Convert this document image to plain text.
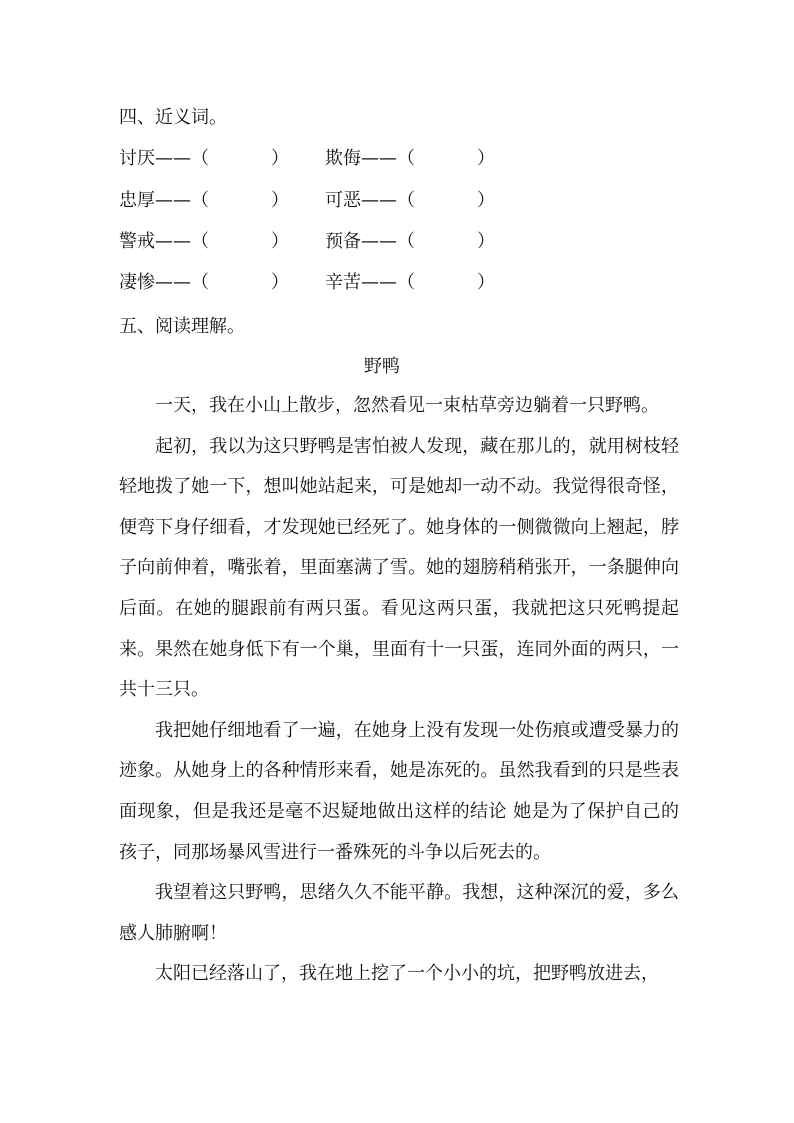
四、近义词。
讨厌——（	） 欺侮——（	）
忠厚——（	） 可恶——（	）
警戒——（	） 预备——（	）
凄惨——（	） 辛苦——（	）
五、阅读理解。
野鸭

一天，我在小山上散步，忽然看见一束枯草旁边躺着一只野鸭。

起初，我以为这只野鸭是害怕被人发现，藏在那儿的，就用树枝轻轻地拨了她一下，想叫她站起来，可是她却一动不动。我觉得很奇怪，便弯下身仔细看，才发现她已经死了。她身体的一侧微微向上翘起，脖子向前伸着，嘴张着，里面塞满了雪。她的翅膀稍稍张开，一条腿伸向后面。在她的腿跟前有两只蛋。看见这两只蛋，我就把这只死鸭提起来。果然在她身低下有一个巢，里面有十一只蛋，连同外面的两只，一共十三只。

我把她仔细地看了一遍，在她身上没有发现一处伤痕或遭受暴力的迹象。从她身上的各种情形来看，她是冻死的。虽然我看到的只是些表面现象，但是我还是毫不迟疑地做出这样的结论 她是为了保护自己的孩子，同那场暴风雪进行一番殊死的斗争以后死去的。

我望着这只野鸭，思绪久久不能平静。我想，这种深沉的爱，多么感人肺腑啊！

太阳已经落山了，我在地上挖了一个小小的坑，把野鸭放进去，
